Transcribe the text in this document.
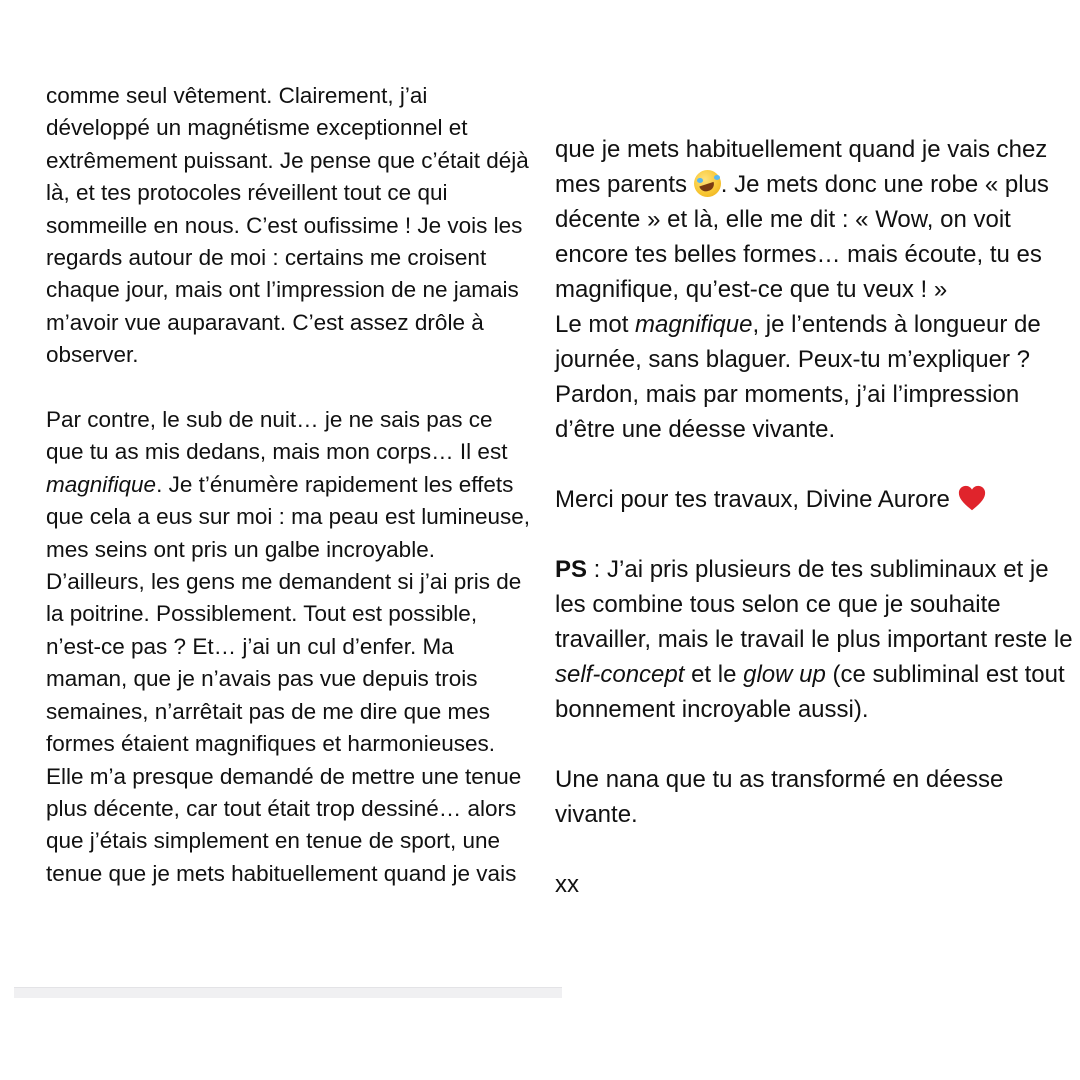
comme seul vêtement. Clairement, j’ai développé un magnétisme exceptionnel et extrêmement puissant. Je pense que c’était déjà là, et tes protocoles réveillent tout ce qui sommeille en nous. C’est oufissime ! Je vois les regards autour de moi : certains me croisent chaque jour, mais ont l’impression de ne jamais m’avoir vue auparavant. C’est assez drôle à observer.

Par contre, le sub de nuit… je ne sais pas ce que tu as mis dedans, mais mon corps… Il est magnifique. Je t’énumère rapidement les effets que cela a eus sur moi : ma peau est lumineuse, mes seins ont pris un galbe incroyable. D’ailleurs, les gens me demandent si j’ai pris de la poitrine. Possiblement. Tout est possible, n’est-ce pas ? Et… j’ai un cul d’enfer. Ma maman, que je n’avais pas vue depuis trois semaines, n’arrêtait pas de me dire que mes formes étaient magnifiques et harmonieuses. Elle m’a presque demandé de mettre une tenue plus décente, car tout était trop dessiné… alors que j’étais simplement en tenue de sport, une tenue que je mets habituellement quand je vais

que je mets habituellement quand je vais chez mes parents . Je mets donc une robe « plus décente » et là, elle me dit : « Wow, on voit encore tes belles formes… mais écoute, tu es magnifique, qu’est-ce que tu veux ! »

Le mot magnifique, je l’entends à longueur de journée, sans blaguer. Peux-tu m’expliquer ? Pardon, mais par moments, j’ai l’impression d’être une déesse vivante.

Merci pour tes travaux, Divine Aurore

PS : J’ai pris plusieurs de tes subliminaux et je les combine tous selon ce que je souhaite travailler, mais le travail le plus important reste le self-concept et le glow up (ce subliminal est tout bonnement incroyable aussi).

Une nana que tu as transformé en déesse vivante.

xx
